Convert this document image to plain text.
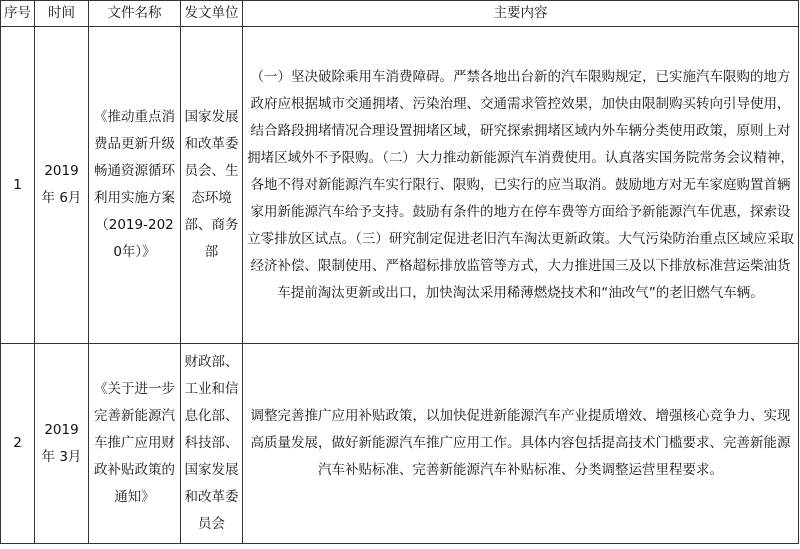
序号	时间	文件名称	发文单位	主要内容
1	2019 年 6月	《推动重点消费品更新升级畅通资源循环利用实施方案（2019-2020年）》	国家发展和改革委员会、生态环境部、商务部	（一）坚决破除乘用车消费障碍。严禁各地出台新的汽车限购规定，已实施汽车限购的地方政府应根据城市交通拥堵、污染治理、交通需求管控效果，加快由限制购买转向引导使用，结合路段拥堵情况合理设置拥堵区域，研究探索拥堵区域内外车辆分类使用政策，原则上对拥堵区域外不予限购。（二）大力推动新能源汽车消费使用。认真落实国务院常务会议精神，各地不得对新能源汽车实行限行、限购，已实行的应当取消。鼓励地方对无车家庭购置首辆家用新能源汽车给予支持。鼓励有条件的地方在停车费等方面给予新能源汽车优惠，探索设立零排放区试点。（三）研究制定促进老旧汽车淘汰更新政策。大气污染防治重点区域应采取经济补偿、限制使用、严格超标排放监管等方式，大力推进国三及以下排放标准营运柴油货车提前淘汰更新或出口，加快淘汰采用稀薄燃烧技术和“油改气”的老旧燃气车辆。
2	2019 年 3月	《关于进一步完善新能源汽车推广应用财政补贴政策的通知》	财政部、工业和信息化部、科技部、国家发展和改革委员会	调整完善推广应用补贴政策，以加快促进新能源汽车产业提质增效、增强核心竞争力、实现高质量发展，做好新能源汽车推广应用工作。具体内容包括提高技术门槛要求、完善新能源汽车补贴标准、完善新能源汽车补贴标准、分类调整运营里程要求。
